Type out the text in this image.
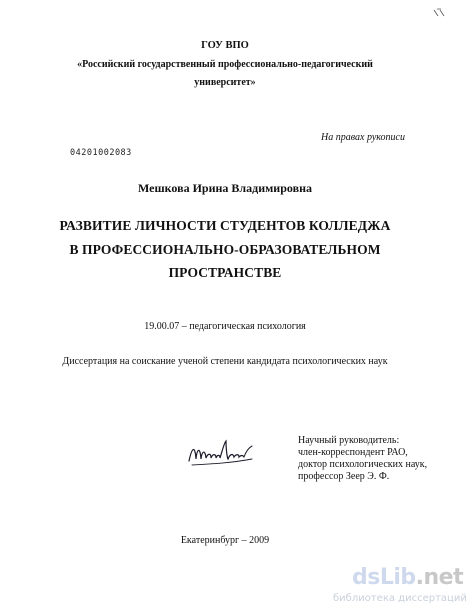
ГОУ ВПО
«Российский государственный профессионально-педагогический
университет»
На правах рукописи
04201002083
Мешкова Ирина Владимировна
РАЗВИТИЕ ЛИЧНОСТИ СТУДЕНТОВ КОЛЛЕДЖА
В ПРОФЕССИОНАЛЬНО-ОБРАЗОВАТЕЛЬНОМ
ПРОСТРАНСТВЕ
19.00.07 – педагогическая психология
Диссертация на соискание ученой степени кандидата психологических наук
Научный руководитель:
член-корреспондент РАО,
доктор психологических наук,
профессор Зеер Э. Ф.
Екатеринбург – 2009
dsLib.net
библиотека диссертаций
